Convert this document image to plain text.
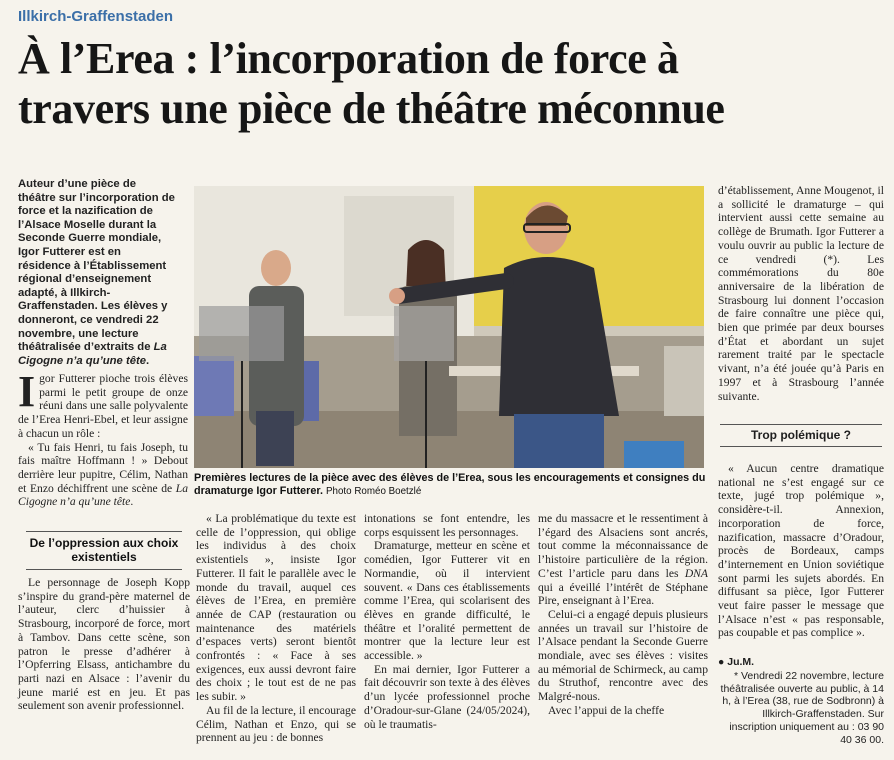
Illkirch-Graffenstaden
À l’Erea : l’incorporation de force à
travers une pièce de théâtre méconnue
Auteur d’une pièce de théâtre sur l’incorporation de force et la nazification de l’Alsace Moselle durant la Seconde Guerre mondiale, Igor Futterer est en résidence à l’Établissement régional d’enseignement adapté, à Illkirch-Graffenstaden. Les élèves y donneront, ce vendredi 22 novembre, une lecture théâtralisée d’extraits de La Cigogne n’a qu’une tête.

Igor Futterer pioche trois élèves parmi le petit groupe de onze réuni dans une salle polyvalente de l’Erea Henri-Ebel, et leur assigne à chacun un rôle :

« Tu fais Henri, tu fais Joseph, tu fais maître Hoffmann ! » Debout derrière leur pupitre, Célim, Nathan et Enzo déchiffrent une scène de La Cigogne n’a qu’une tête.

De l’oppression aux choix existentiels

Le personnage de Joseph Kopp s’inspire du grand-père maternel de l’auteur, clerc d’huissier à Strasbourg, incorporé de force, mort à Tambov. Dans cette scène, son patron le presse d’adhérer à l’Opferring Elsass, antichambre du parti nazi en Alsace : l’avenir du jeune marié est en jeu. Et pas seulement son avenir professionnel.

Premières lectures de la pièce avec des élèves de l’Erea, sous les encouragements et consignes du dramaturge Igor Futterer. Photo Roméo Boetzlé

« La problématique du texte est celle de l’oppression, qui oblige les individus à des choix existentiels », insiste Igor Futterer. Il fait le parallèle avec le monde du travail, auquel ces élèves de l’Erea, en première année de CAP (restauration ou maintenance des matériels d’espaces verts) seront bientôt confrontés : « Face à ses exigences, eux aussi devront faire des choix ; le tout est de ne pas les subir. »

Au fil de la lecture, il encourage Célim, Nathan et Enzo, qui se prennent au jeu : de bonnes

intonations se font entendre, les corps esquissent les personnages.

Dramaturge, metteur en scène et comédien, Igor Futterer vit en Normandie, où il intervient souvent. « Dans ces établissements comme l’Erea, qui scolarisent des élèves en grande difficulté, le théâtre et l’oralité permettent de montrer que la lecture leur est accessible. »

En mai dernier, Igor Futterer a fait découvrir son texte à des élèves d’un lycée professionnel proche d’Oradour-sur-Glane (24/05/2024), où le traumatis-

me du massacre et le ressentiment à l’égard des Alsaciens sont ancrés, tout comme la méconnaissance de l’histoire particulière de la région. C’est l’article paru dans les DNA qui a éveillé l’intérêt de Stéphane Pire, enseignant à l’Erea.

Celui-ci a engagé depuis plusieurs années un travail sur l’histoire de l’Alsace pendant la Seconde Guerre mondiale, avec ses élèves : visites au mémorial de Schirmeck, au camp du Struthof, rencontre avec des Malgré-nous.

Avec l’appui de la cheffe

d’établissement, Anne Mougenot, il a sollicité le dramaturge – qui intervient aussi cette semaine au collège de Brumath. Igor Futterer a voulu ouvrir au public la lecture de ce vendredi (*). Les commémorations du 80e anniversaire de la libération de Strasbourg lui donnent l’occasion de faire connaître une pièce qui, bien que primée par deux bourses d’État et abordant un sujet rarement traité par le spectacle vivant, n’a été jouée qu’à Paris en 1997 et à Strasbourg l’année suivante.

Trop polémique ?

« Aucun centre dramatique national ne s’est engagé sur ce texte, jugé trop polémique », considère-t-il. Annexion, incorporation de force, nazification, massacre d’Oradour, procès de Bordeaux, camps d’internement en Union soviétique sont parmi les sujets abordés. En diffusant sa pièce, Igor Futterer veut faire passer le message que l’Alsace n’est « pas responsable, pas coupable et pas complice ».

● Ju.M.
* Vendredi 22 novembre, lecture théâtralisée ouverte au public, à 14 h, à l’Erea (38, rue de Sodbronn) à Illkirch-Graffenstaden. Sur inscription uniquement au : 03 90 40 36 00.
